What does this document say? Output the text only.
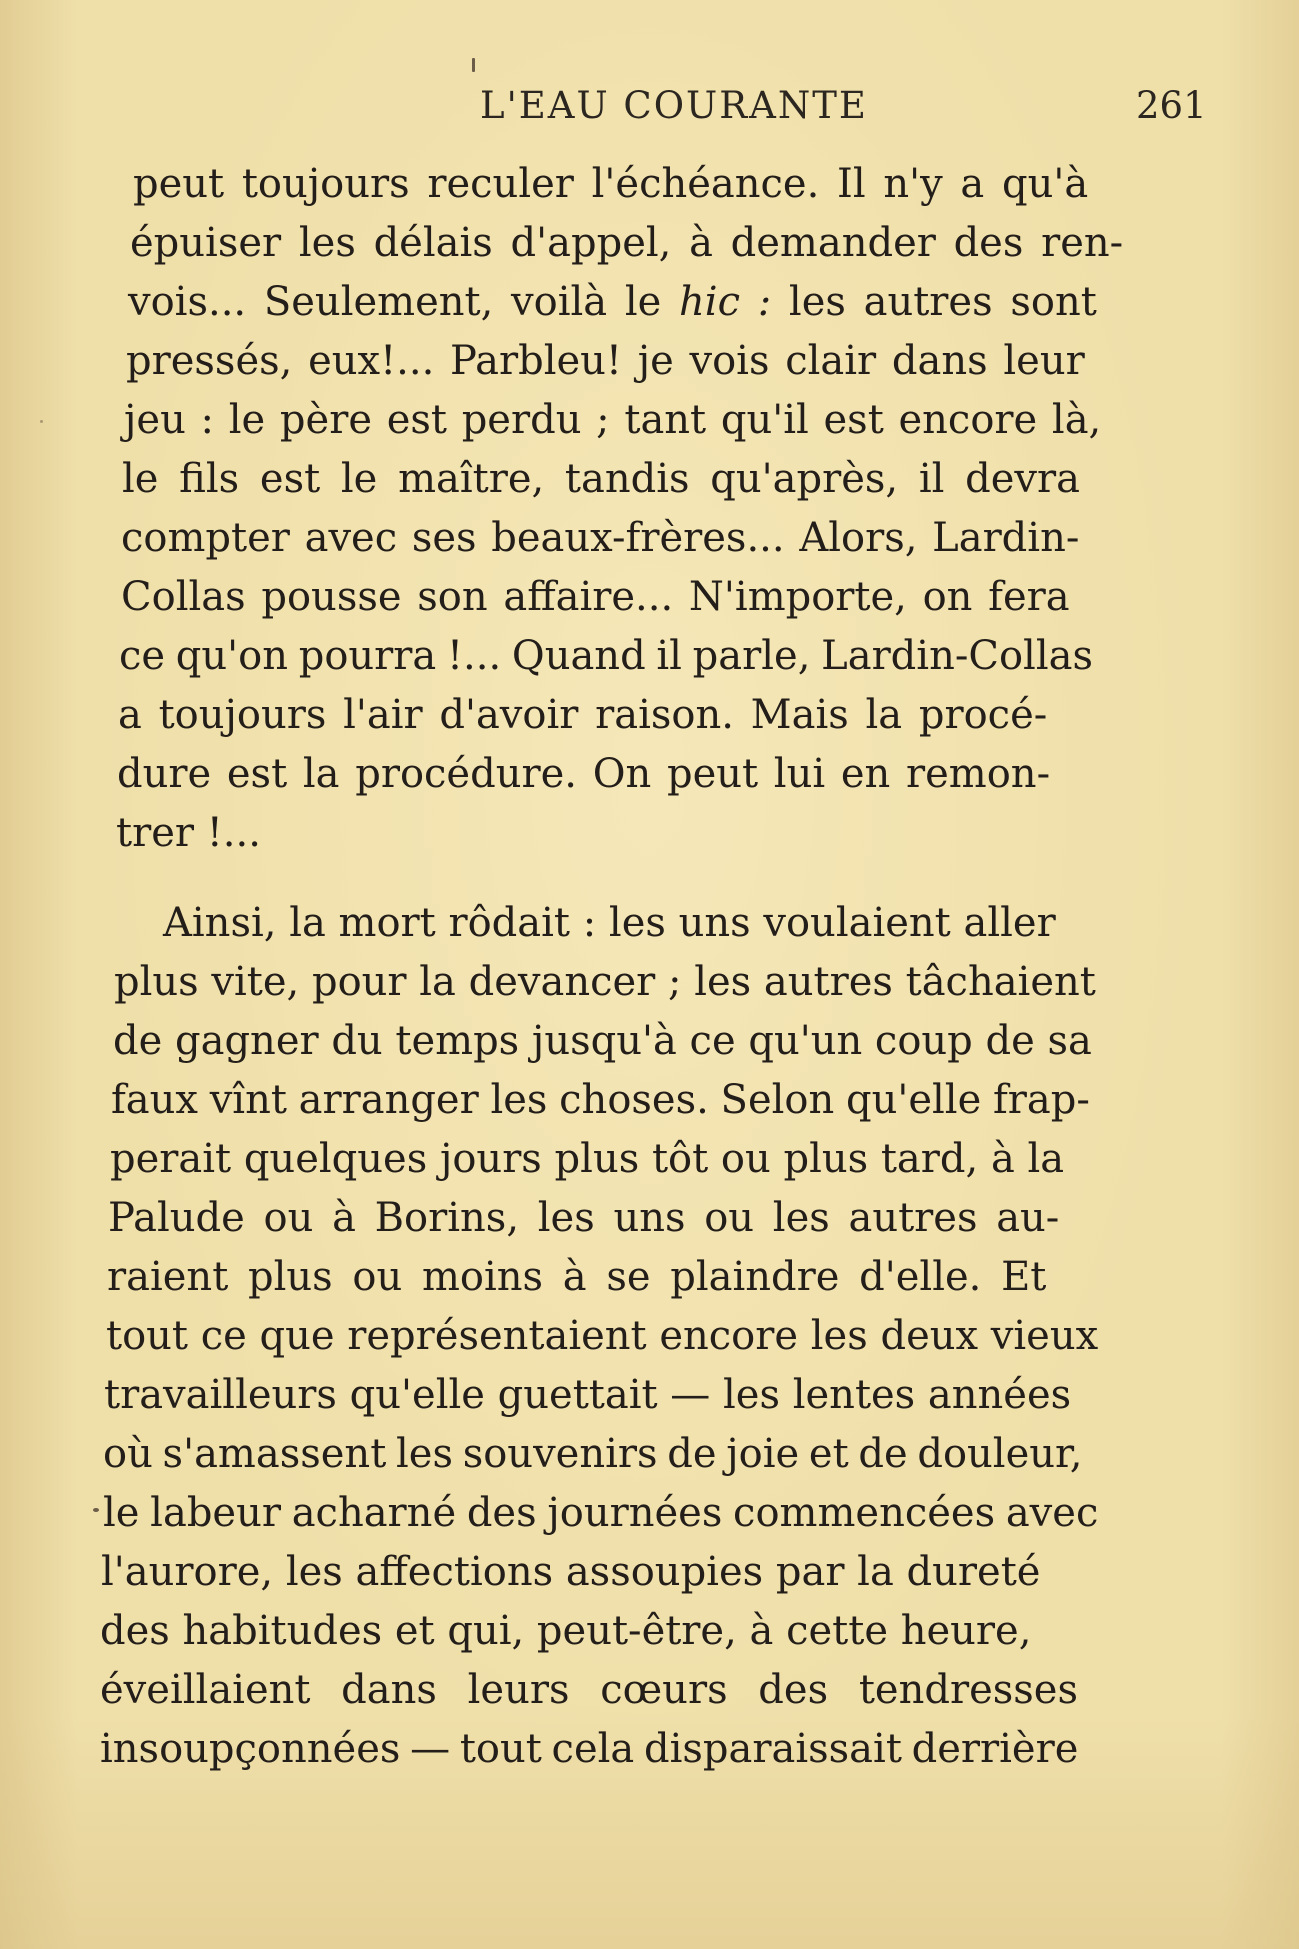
L'EAU COURANTE	261
peut toujours reculer l'échéance. Il n'y a qu'à
épuiser les délais d'appel, à demander des ren-
vois... Seulement, voilà le hic : les autres sont
pressés, eux!... Parbleu! je vois clair dans leur
jeu : le père est perdu ; tant qu'il est encore là,
le fils est le maître, tandis qu'après, il devra
compter avec ses beaux-frères... Alors, Lardin-
Collas pousse son affaire... N'importe, on fera
ce qu'on pourra !... Quand il parle, Lardin-Collas
a toujours l'air d'avoir raison. Mais la procé-
dure est la procédure. On peut lui en remon-
trer !...
Ainsi, la mort rôdait : les uns voulaient aller
plus vite, pour la devancer ; les autres tâchaient
de gagner du temps jusqu'à ce qu'un coup de sa
faux vînt arranger les choses. Selon qu'elle frap-
perait quelques jours plus tôt ou plus tard, à la
Palude ou à Borins, les uns ou les autres au-
raient plus ou moins à se plaindre d'elle. Et
tout ce que représentaient encore les deux vieux
travailleurs qu'elle guettait — les lentes années
où s'amassent les souvenirs de joie et de douleur,
le labeur acharné des journées commencées avec
l'aurore, les affections assoupies par la dureté
des habitudes et qui, peut-être, à cette heure,
éveillaient dans leurs cœurs des tendresses
insoupçonnées — tout cela disparaissait derrière
